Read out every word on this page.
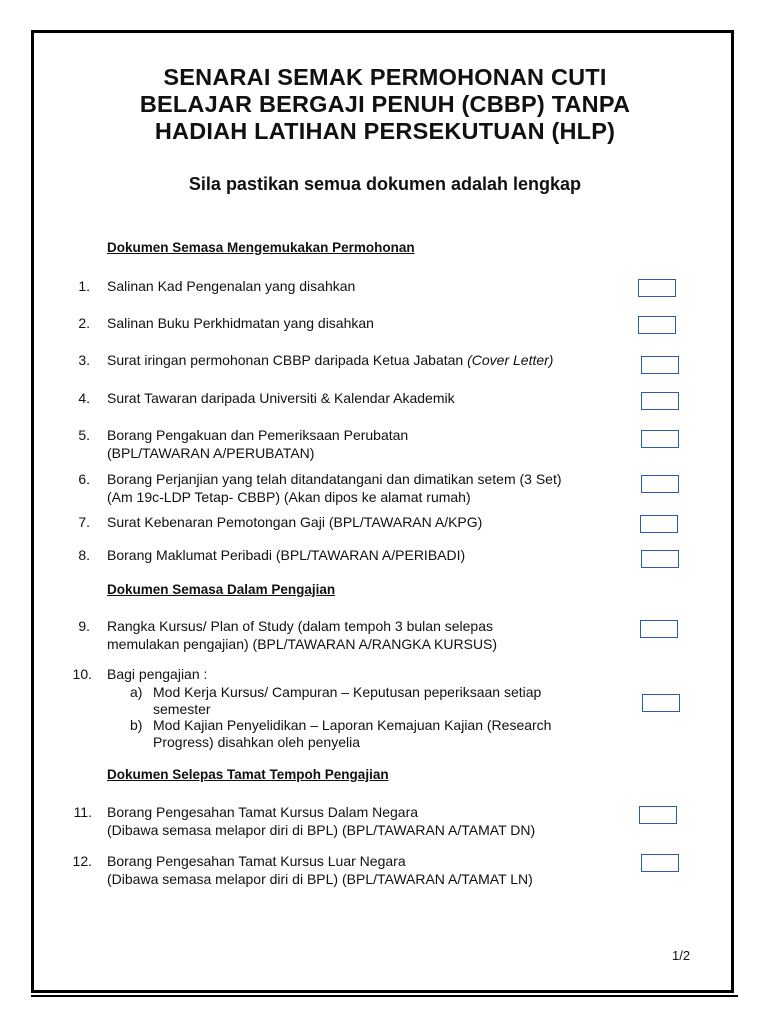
SENARAI SEMAK PERMOHONAN CUTI
BELAJAR BERGAJI PENUH (CBBP) TANPA
HADIAH LATIHAN PERSEKUTUAN (HLP)
Sila pastikan semua dokumen adalah lengkap
Dokumen Semasa Mengemukakan Permohonan
1. Salinan Kad Pengenalan yang disahkan
2. Salinan Buku Perkhidmatan yang disahkan
3. Surat iringan permohonan CBBP daripada Ketua Jabatan (Cover Letter)
4. Surat Tawaran daripada Universiti & Kalendar Akademik
5. Borang Pengakuan dan Pemeriksaan Perubatan
(BPL/TAWARAN A/PERUBATAN)
6. Borang Perjanjian yang telah ditandatangani dan dimatikan setem (3 Set)
(Am 19c-LDP Tetap- CBBP) (Akan dipos ke alamat rumah)
7. Surat Kebenaran Pemotongan Gaji (BPL/TAWARAN A/KPG)
8. Borang Maklumat Peribadi (BPL/TAWARAN A/PERIBADI)
Dokumen Semasa Dalam Pengajian
9. Rangka Kursus/ Plan of Study (dalam tempoh 3 bulan selepas
memulakan pengajian) (BPL/TAWARAN A/RANGKA KURSUS)
10. Bagi pengajian :
a) Mod Kerja Kursus/ Campuran – Keputusan peperiksaan setiap
semester
b) Mod Kajian Penyelidikan – Laporan Kemajuan Kajian (Research
Progress) disahkan oleh penyelia
Dokumen Selepas Tamat Tempoh Pengajian
11. Borang Pengesahan Tamat Kursus Dalam Negara
(Dibawa semasa melapor diri di BPL) (BPL/TAWARAN A/TAMAT DN)
12. Borang Pengesahan Tamat Kursus Luar Negara
(Dibawa semasa melapor diri di BPL) (BPL/TAWARAN A/TAMAT LN)
1/2
